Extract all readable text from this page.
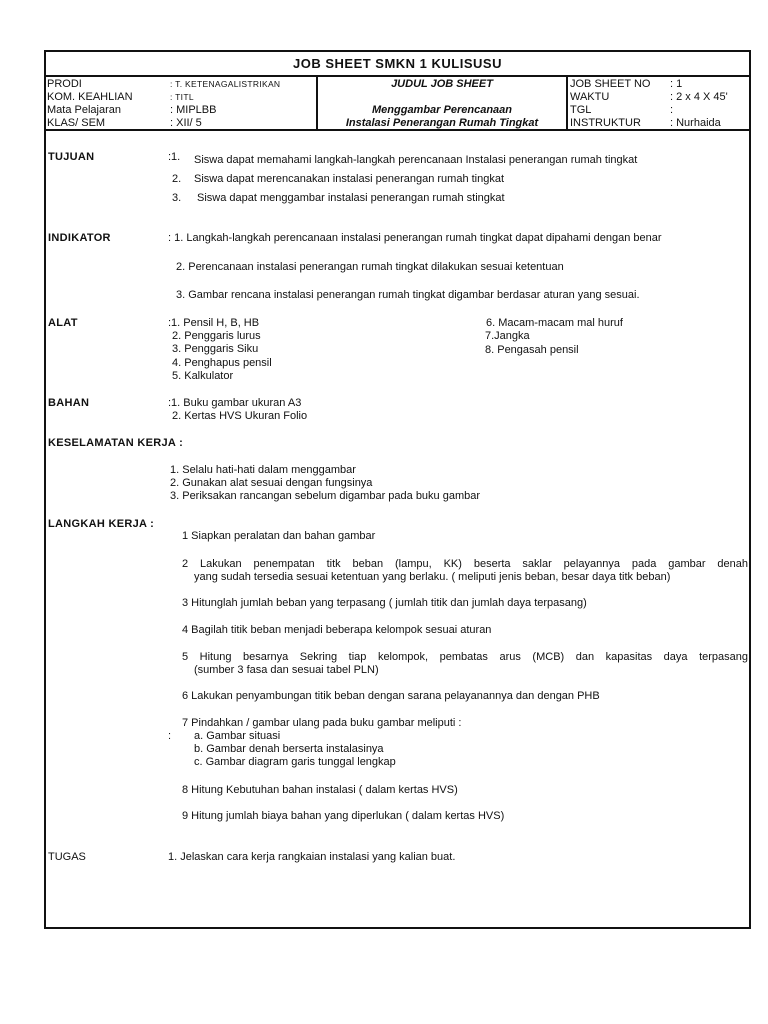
JOB SHEET SMKN 1 KULISUSU
PRODI	: T. KETENAGALISTRIKAN
KOM. KEAHLIAN	: TITL
Mata Pelajaran	: MIPLBB
KLAS/ SEM	: XII/ 5
JUDUL JOB SHEET
Menggambar Perencanaan
Instalasi Penerangan Rumah Tingkat
JOB SHEET NO : 1
WAKTU	: 2 x 4 X 45'
TGL	:
INSTRUKTUR	: Nurhaida
TUJUAN	:1. Siswa dapat memahami langkah-langkah perencanaan Instalasi penerangan rumah tingkat
2. Siswa dapat merencanakan instalasi penerangan rumah tingkat
3. Siswa dapat menggambar instalasi penerangan rumah stingkat
INDIKATOR	: 1. Langkah-langkah perencanaan instalasi penerangan rumah tingkat dapat dipahami dengan benar
2. Perencanaan instalasi penerangan rumah tingkat dilakukan sesuai ketentuan
3. Gambar rencana instalasi penerangan rumah tingkat digambar berdasar aturan yang sesuai.
ALAT	:1. Pensil H, B, HB
2. Penggaris lurus
3. Penggaris Siku
4. Penghapus pensil
5. Kalkulator
6. Macam-macam mal huruf
7.Jangka
8. Pengasah pensil
BAHAN	:1. Buku gambar ukuran A3
2. Kertas HVS Ukuran Folio
KESELAMATAN KERJA :
1. Selalu hati-hati dalam menggambar
2. Gunakan alat sesuai dengan fungsinya
3. Periksakan rancangan sebelum digambar pada buku gambar
LANGKAH KERJA :
1 Siapkan peralatan dan bahan gambar
2 Lakukan penempatan titk beban (lampu, KK) beserta saklar pelayannya pada gambar denah
yang sudah tersedia sesuai ketentuan yang berlaku. ( meliputi jenis beban, besar daya titk beban)
3 Hitunglah jumlah beban yang terpasang ( jumlah titik dan jumlah daya terpasang)
4 Bagilah titik beban menjadi beberapa kelompok sesuai aturan
5 Hitung besarnya Sekring tiap kelompok, pembatas arus (MCB) dan kapasitas daya terpasang
(sumber 3 fasa dan sesuai tabel PLN)
6 Lakukan penyambungan titik beban dengan sarana pelayanannya dan dengan PHB
7 Pindahkan / gambar ulang pada buku gambar meliputi :
: a. Gambar situasi
b. Gambar denah berserta instalasinya
c. Gambar diagram garis tunggal lengkap
8 Hitung Kebutuhan bahan instalasi ( dalam kertas HVS)
9 Hitung jumlah biaya bahan yang diperlukan ( dalam kertas HVS)
TUGAS	1. Jelaskan cara kerja rangkaian instalasi yang kalian buat.
